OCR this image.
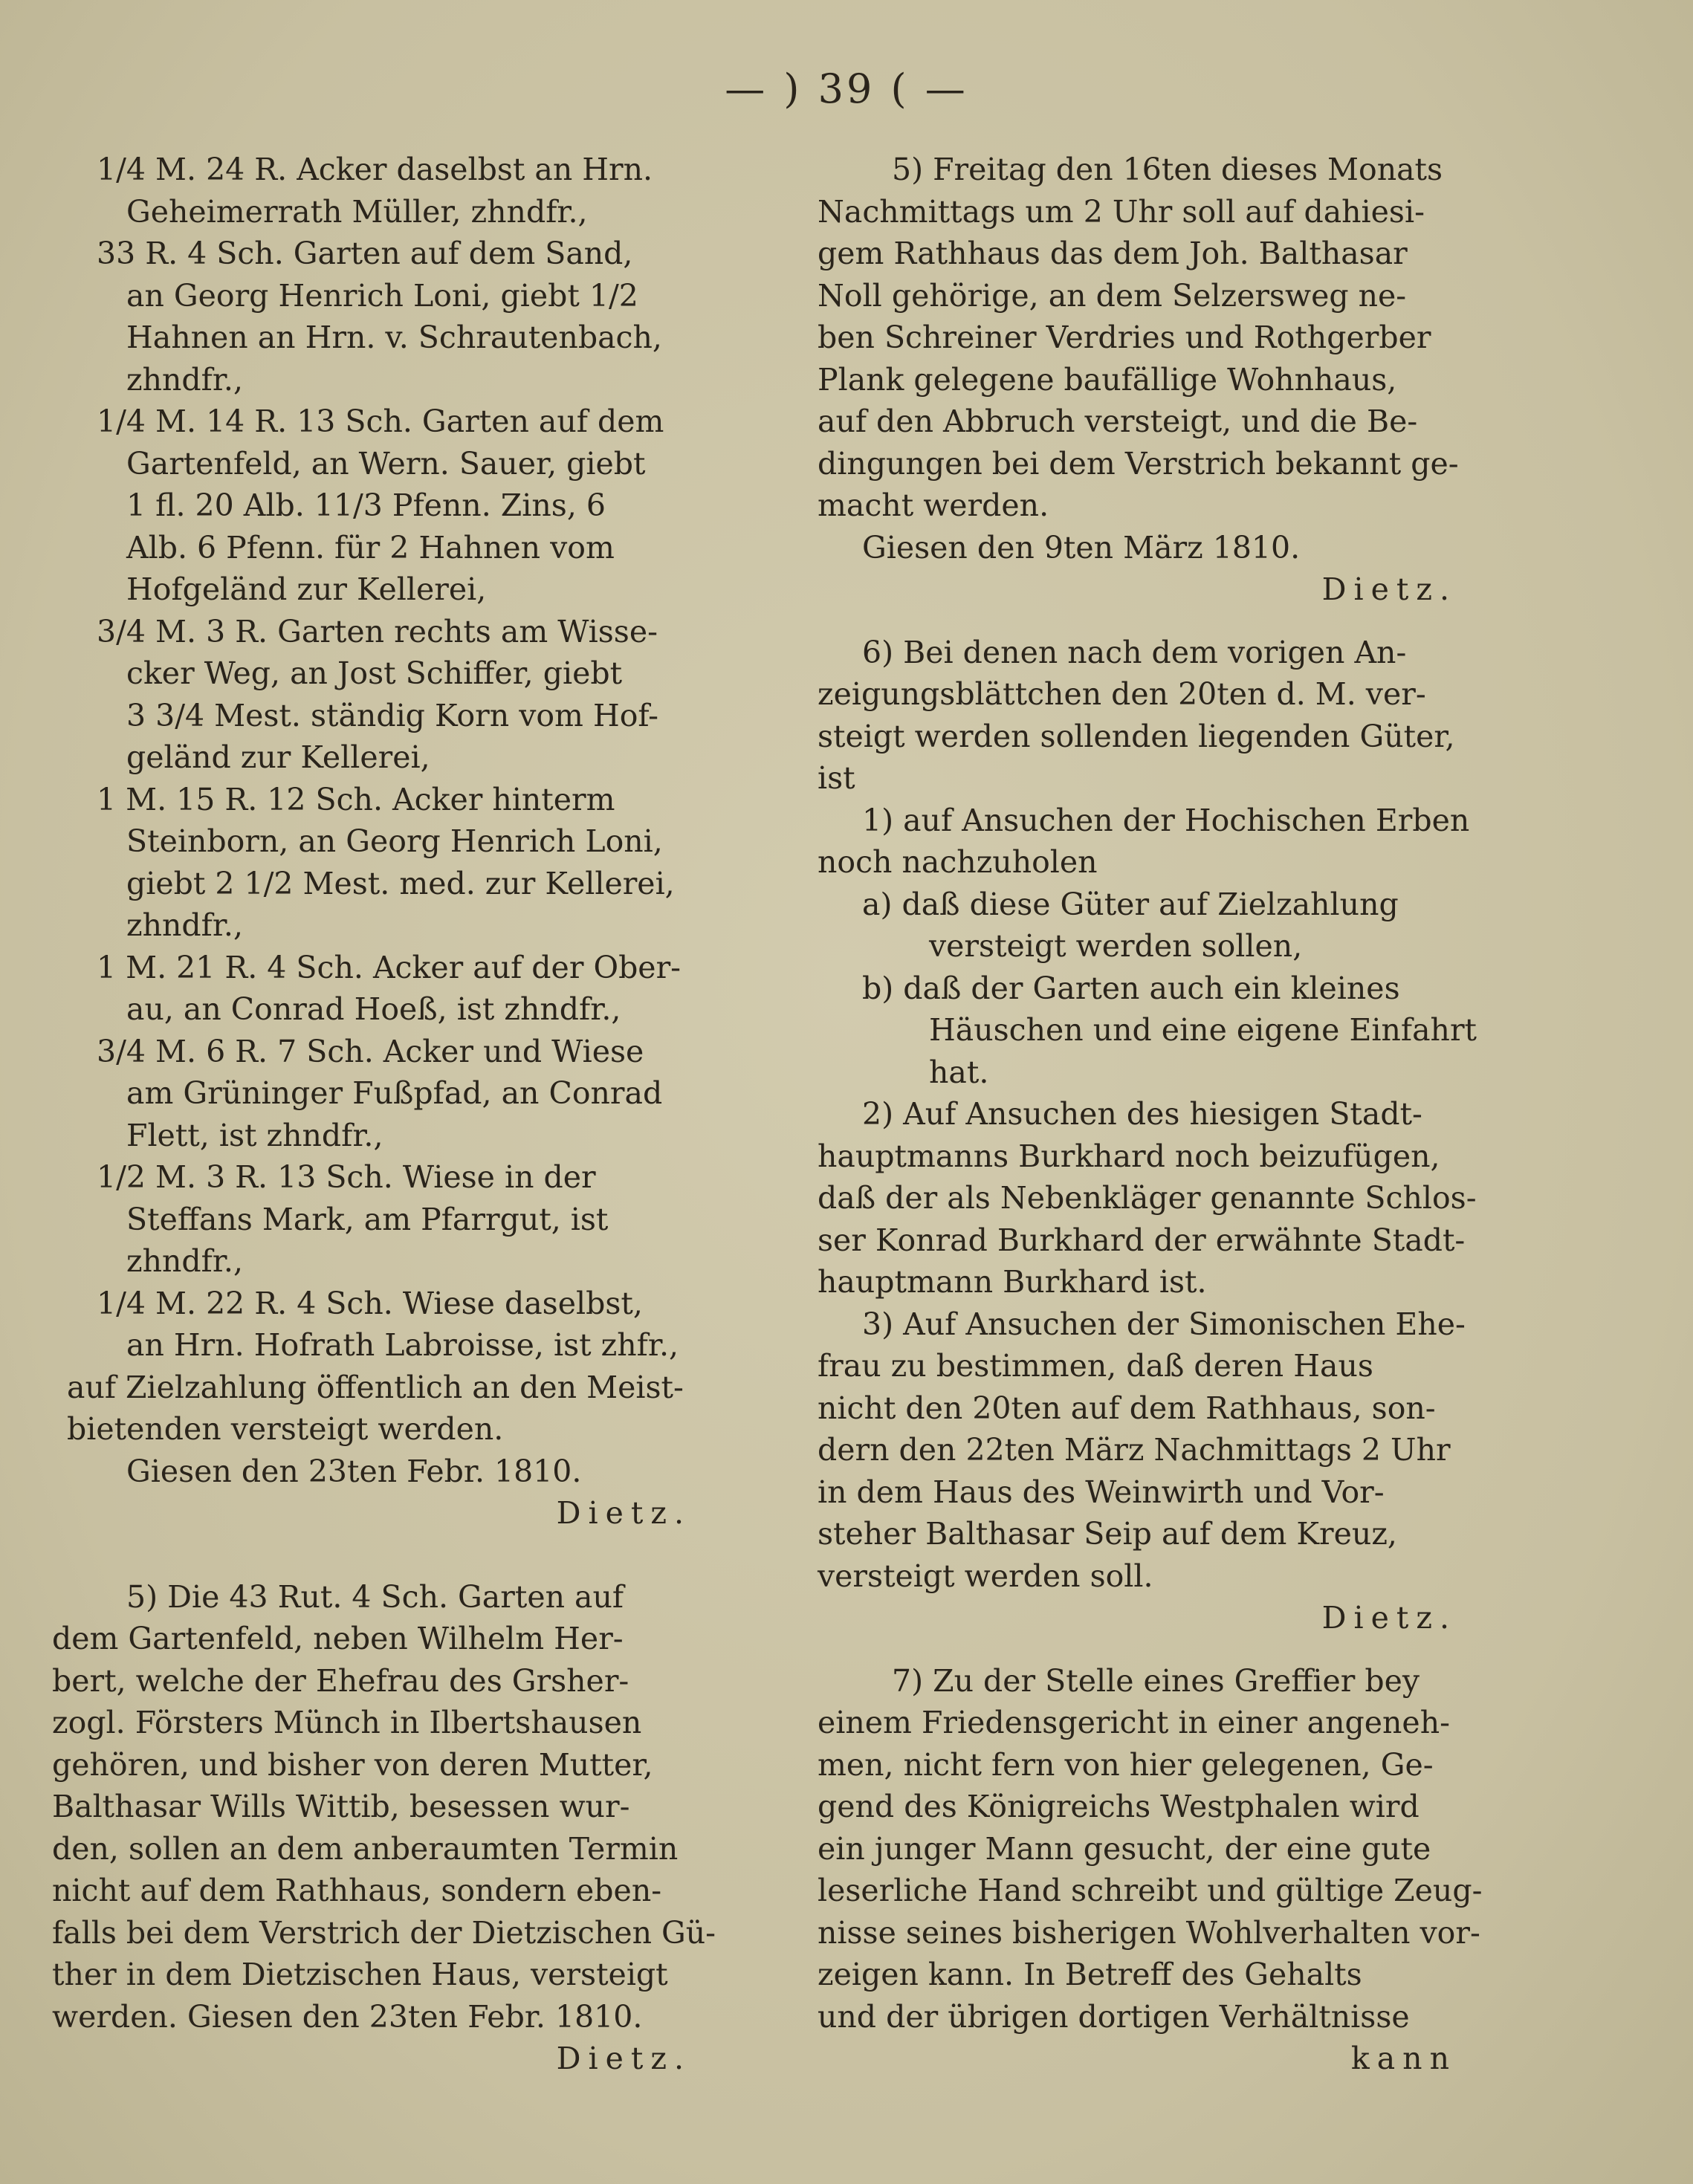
— ) 39 ( —

1/4 M. 24 R. Acker daselbst an Hrn.

Geheimerrath Müller, zhndfr.,

33 R. 4 Sch. Garten auf dem Sand,

an Georg Henrich Loni, giebt 1/2

Hahnen an Hrn. v. Schrautenbach,

zhndfr.,

1/4 M. 14 R. 13 Sch. Garten auf dem

Gartenfeld, an Wern. Sauer, giebt

1 fl. 20 Alb. 11/3 Pfenn. Zins, 6

Alb. 6 Pfenn. für 2 Hahnen vom

Hofgeländ zur Kellerei,

3/4 M. 3 R. Garten rechts am Wisse-

cker Weg, an Jost Schiffer, giebt

3 3/4 Mest. ständig Korn vom Hof-

geländ zur Kellerei,

1 M. 15 R. 12 Sch. Acker hinterm

Steinborn, an Georg Henrich Loni,

giebt 2 1/2 Mest. med. zur Kellerei,

zhndfr.,

1 M. 21 R. 4 Sch. Acker auf der Ober-

au, an Conrad Hoeß, ist zhndfr.,

3/4 M. 6 R. 7 Sch. Acker und Wiese

am Grüninger Fußpfad, an Conrad

Flett, ist zhndfr.,

1/2 M. 3 R. 13 Sch. Wiese in der

Steffans Mark, am Pfarrgut, ist

zhndfr.,

1/4 M. 22 R. 4 Sch. Wiese daselbst,

an Hrn. Hofrath Labroisse, ist zhfr.,

auf Zielzahlung öffentlich an den Meist-

bietenden versteigt werden.

Giesen den 23ten Febr. 1810.

Dietz.

5) Die 43 Rut. 4 Sch. Garten auf

dem Gartenfeld, neben Wilhelm Her-

bert, welche der Ehefrau des Grsher-

zogl. Försters Münch in Ilbertshausen

gehören, und bisher von deren Mutter,

Balthasar Wills Wittib, besessen wur-

den, sollen an dem anberaumten Termin

nicht auf dem Rathhaus, sondern eben-

falls bei dem Verstrich der Dietzischen Gü-

ther in dem Dietzischen Haus, versteigt

werden. Giesen den 23ten Febr. 1810.

Dietz.

5) Freitag den 16ten dieses Monats

Nachmittags um 2 Uhr soll auf dahiesi-

gem Rathhaus das dem Joh. Balthasar

Noll gehörige, an dem Selzersweg ne-

ben Schreiner Verdries und Rothgerber

Plank gelegene baufällige Wohnhaus,

auf den Abbruch versteigt, und die Be-

dingungen bei dem Verstrich bekannt ge-

macht werden.

Giesen den 9ten März 1810.

Dietz.

6) Bei denen nach dem vorigen An-

zeigungsblättchen den 20ten d. M. ver-

steigt werden sollenden liegenden Güter,

ist

1) auf Ansuchen der Hochischen Erben

noch nachzuholen

a) daß diese Güter auf Zielzahlung

versteigt werden sollen,

b) daß der Garten auch ein kleines

Häuschen und eine eigene Einfahrt

hat.

2) Auf Ansuchen des hiesigen Stadt-

hauptmanns Burkhard noch beizufügen,

daß der als Nebenkläger genannte Schlos-

ser Konrad Burkhard der erwähnte Stadt-

hauptmann Burkhard ist.

3) Auf Ansuchen der Simonischen Ehe-

frau zu bestimmen, daß deren Haus

nicht den 20ten auf dem Rathhaus, son-

dern den 22ten März Nachmittags 2 Uhr

in dem Haus des Weinwirth und Vor-

steher Balthasar Seip auf dem Kreuz,

versteigt werden soll.

Dietz.

7) Zu der Stelle eines Greffier bey

einem Friedensgericht in einer angeneh-

men, nicht fern von hier gelegenen, Ge-

gend des Königreichs Westphalen wird

ein junger Mann gesucht, der eine gute

leserliche Hand schreibt und gültige Zeug-

nisse seines bisherigen Wohlverhalten vor-

zeigen kann. In Betreff des Gehalts

und der übrigen dortigen Verhältnisse

kann
